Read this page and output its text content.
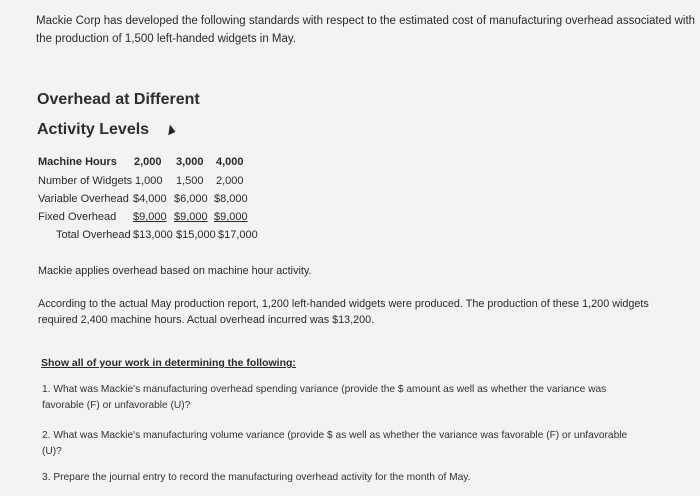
Mackie Corp has developed the following standards with respect to the estimated cost of manufacturing overhead associated with
the production of 1,500 left-handed widgets in May.
Overhead at Different
Activity Levels
Machine Hours 2,000 3,000 4,000
Number of Widgets 1,000 1,500 2,000
Variable Overhead $4,000 $6,000 $8,000
Fixed Overhead $9,000 $9,000 $9,000
Total Overhead $13,000 $15,000 $17,000
Mackie applies overhead based on machine hour activity.
According to the actual May production report, 1,200 left-handed widgets were produced. The production of these 1,200 widgets
required 2,400 machine hours. Actual overhead incurred was $13,200.
Show all of your work in determining the following:
1. What was Mackie's manufacturing overhead spending variance (provide the $ amount as well as whether the variance was
favorable (F) or unfavorable (U)?
2. What was Mackie's manufacturing volume variance (provide $ as well as whether the variance was favorable (F) or unfavorable
(U)?
3. Prepare the journal entry to record the manufacturing overhead activity for the month of May.
